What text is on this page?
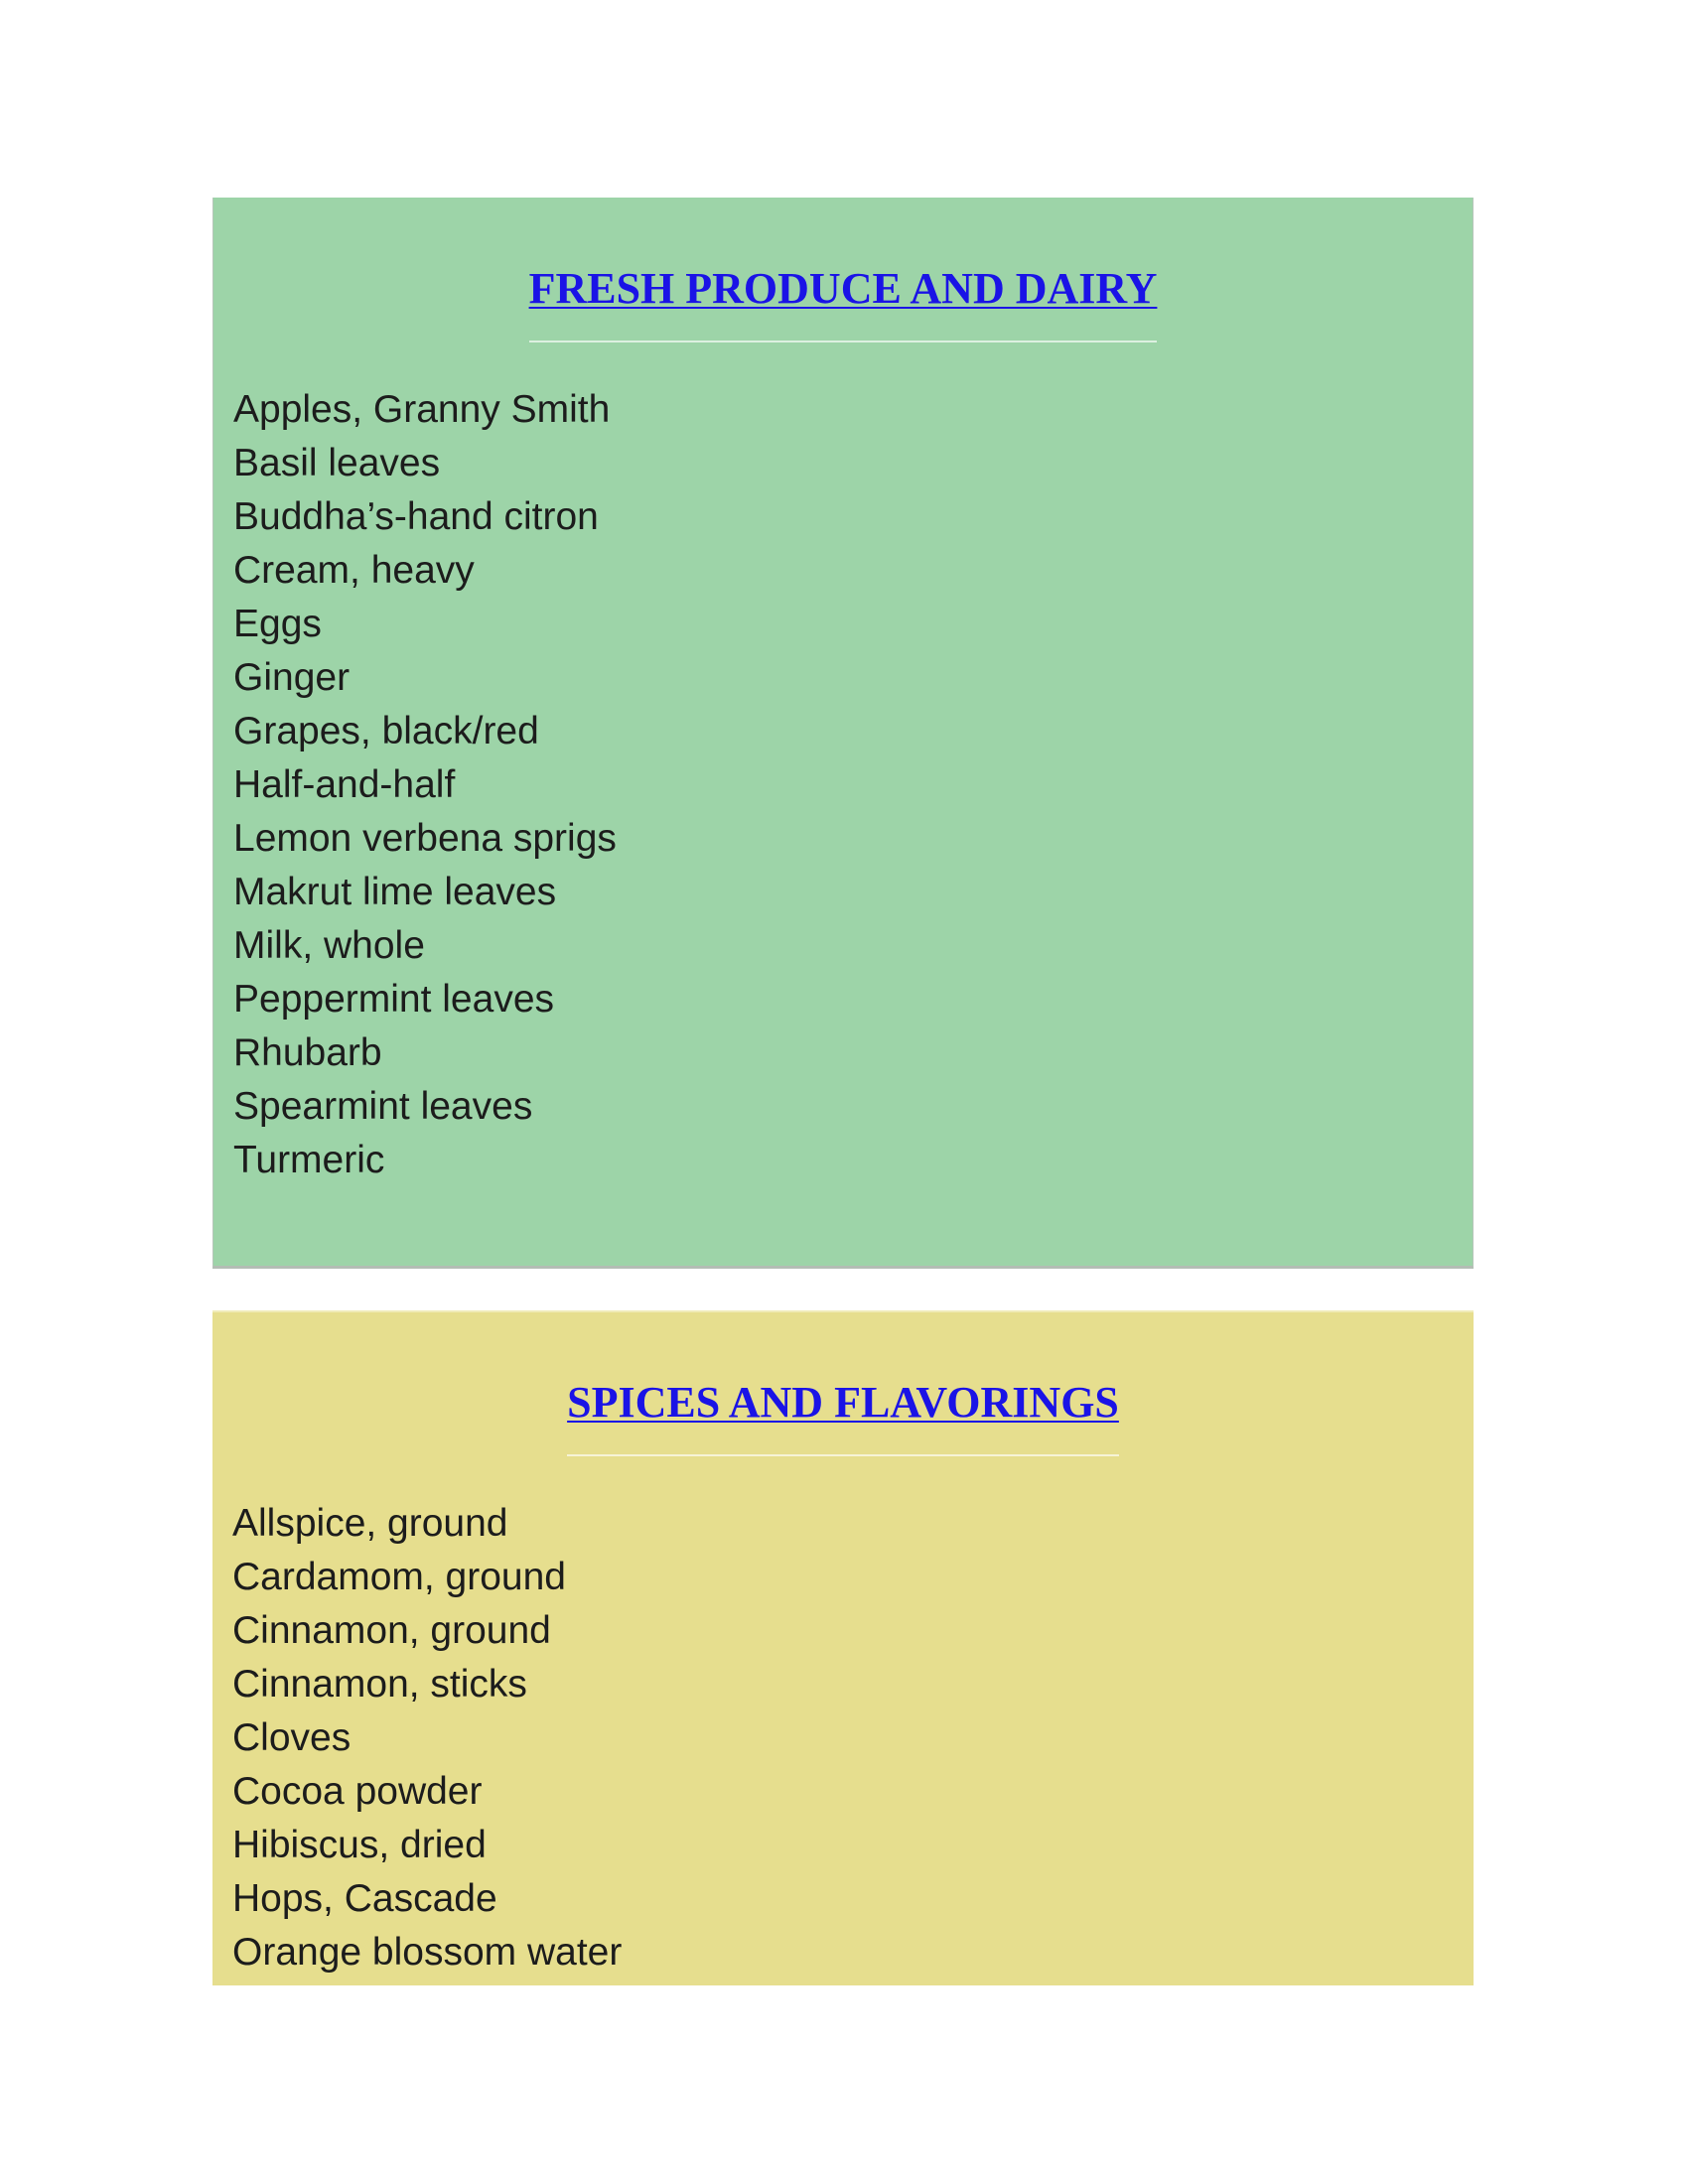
FRESH PRODUCE AND DAIRY
Apples, Granny Smith
Basil leaves
Buddha’s-hand citron
Cream, heavy
Eggs
Ginger
Grapes, black/red
Half-and-half
Lemon verbena sprigs
Makrut lime leaves
Milk, whole
Peppermint leaves
Rhubarb
Spearmint leaves
Turmeric
SPICES AND FLAVORINGS
Allspice, ground
Cardamom, ground
Cinnamon, ground
Cinnamon, sticks
Cloves
Cocoa powder
Hibiscus, dried
Hops, Cascade
Orange blossom water
